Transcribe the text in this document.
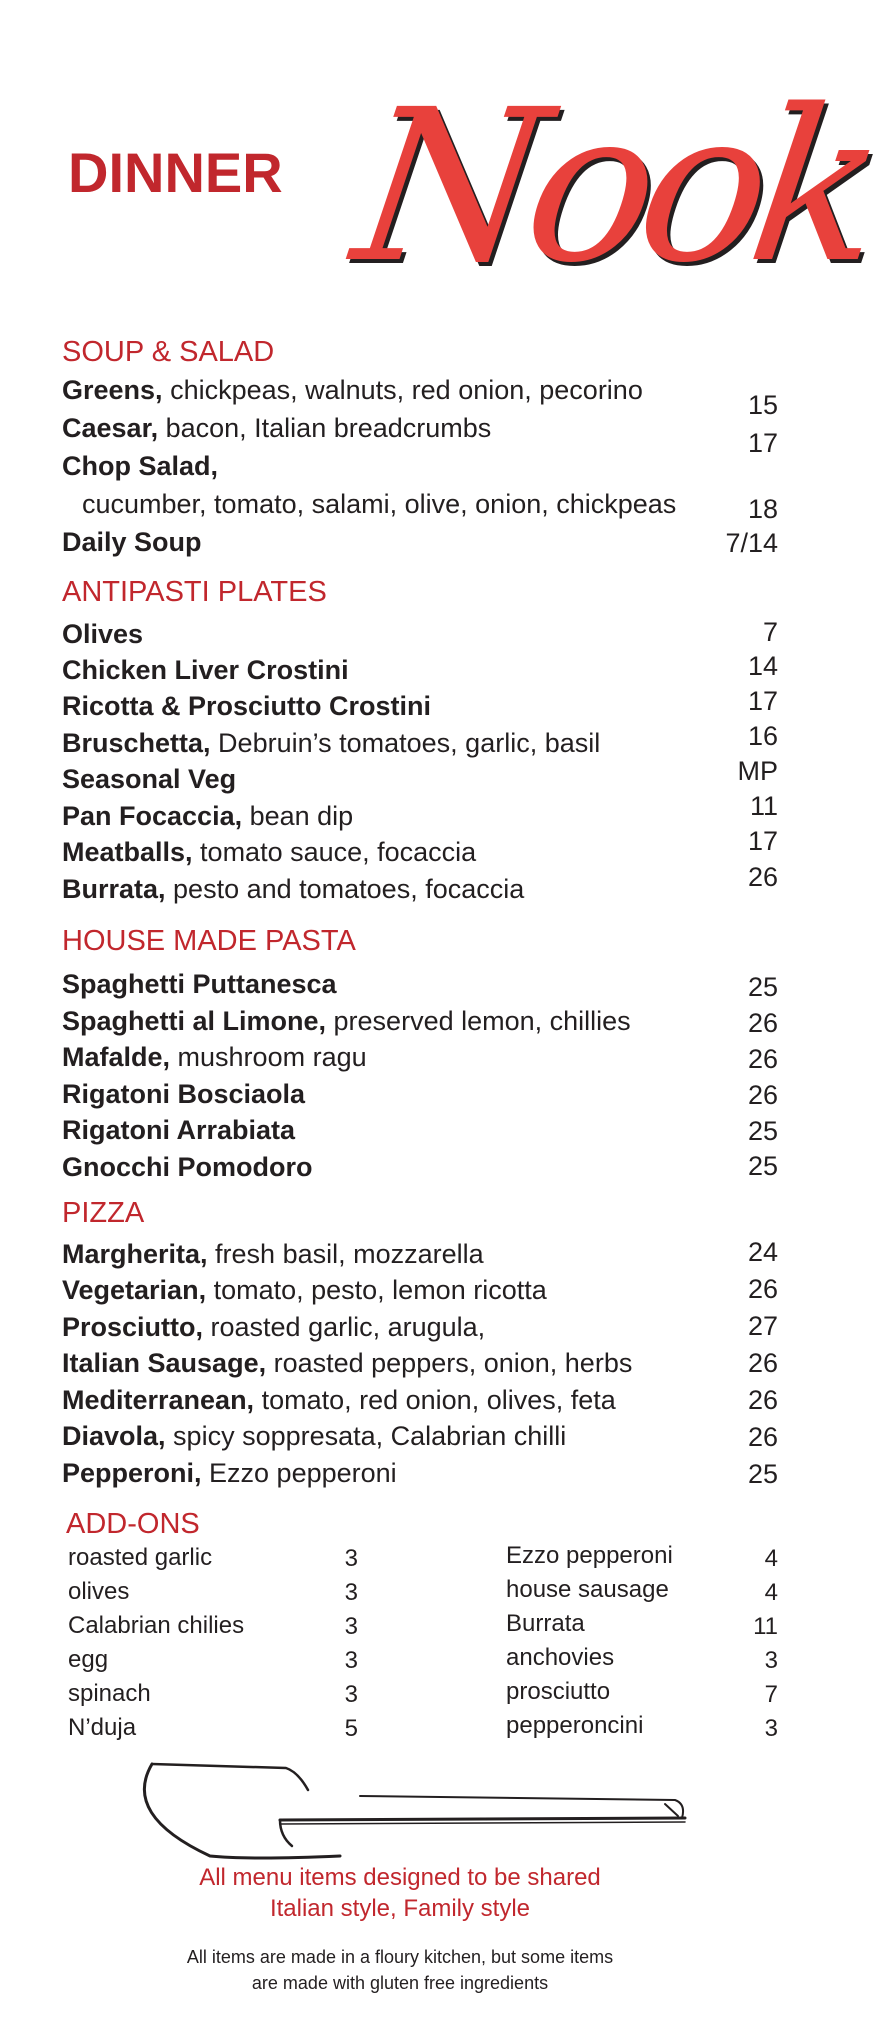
DINNER Nook
SOUP & SALAD
Greens, chickpeas, walnuts, red onion, pecorino	15
Caesar, bacon, Italian breadcrumbs	17
Chop Salad,
cucumber, tomato, salami, olive, onion, chickpeas	18
Daily Soup	7/14
ANTIPASTI PLATES
Olives	7
Chicken Liver Crostini	14
Ricotta & Prosciutto Crostini	17
Bruschetta, Debruin’s tomatoes, garlic, basil	16
Seasonal Veg	MP
Pan Focaccia, bean dip	11
Meatballs, tomato sauce, focaccia	17
Burrata, pesto and tomatoes, focaccia	26
HOUSE MADE PASTA
Spaghetti Puttanesca	25
Spaghetti al Limone, preserved lemon, chillies	26
Mafalde, mushroom ragu	26
Rigatoni Bosciaola	26
Rigatoni Arrabiata	25
Gnocchi Pomodoro	25
PIZZA
Margherita, fresh basil, mozzarella	24
Vegetarian, tomato, pesto, lemon ricotta	26
Prosciutto, roasted garlic, arugula,	27
Italian Sausage, roasted peppers, onion, herbs	26
Mediterranean, tomato, red onion, olives, feta	26
Diavola, spicy soppresata, Calabrian chilli	26
Pepperoni, Ezzo pepperoni	25
ADD-ONS
roasted garlic	3
olives	3
Calabrian chilies	3
egg	3
spinach	3
N’duja	5
Ezzo pepperoni	4
house sausage	4
Burrata	11
anchovies	3
prosciutto	7
pepperoncini	3
All menu items designed to be shared
Italian style, Family style
All items are made in a floury kitchen, but some items
are made with gluten free ingredients
